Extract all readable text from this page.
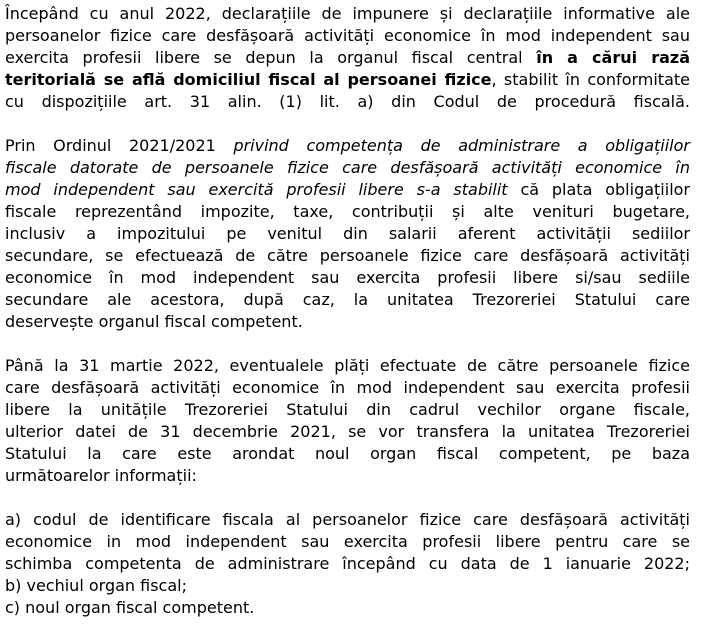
Începând cu anul 2022, declarațiile de impunere și declarațiile informative ale
persoanelor fizice care desfășoară activități economice în mod independent sau
exercita profesii libere se depun la organul fiscal central în a cărui rază
teritorială se află domiciliul fiscal al persoanei fizice, stabilit în conformitate
cu dispozițiile art. 31 alin. (1) lit. a) din Codul de procedură fiscală.
Prin Ordinul 2021/2021 privind competența de administrare a obligațiilor
fiscale datorate de persoanele fizice care desfășoară activități economice în
mod independent sau exercită profesii libere s-a stabilit că plata obligațiilor
fiscale reprezentând impozite, taxe, contribuții și alte venituri bugetare,
inclusiv a impozitului pe venitul din salarii aferent activității sediilor
secundare, se efectuează de către persoanele fizice care desfășoară activități
economice în mod independent sau exercita profesii libere si/sau sediile
secundare ale acestora, după caz, la unitatea Trezoreriei Statului care
deservește organul fiscal competent.
Până la 31 martie 2022, eventualele plăți efectuate de către persoanele fizice
care desfășoară activități economice în mod independent sau exercita profesii
libere la unitățile Trezoreriei Statului din cadrul vechilor organe fiscale,
ulterior datei de 31 decembrie 2021, se vor transfera la unitatea Trezoreriei
Statului la care este arondat noul organ fiscal competent, pe baza
următoarelor informații:
a) codul de identificare fiscala al persoanelor fizice care desfășoară activități
economice in mod independent sau exercita profesii libere pentru care se
schimba competenta de administrare începând cu data de 1 ianuarie 2022;
b) vechiul organ fiscal;
c) noul organ fiscal competent.
